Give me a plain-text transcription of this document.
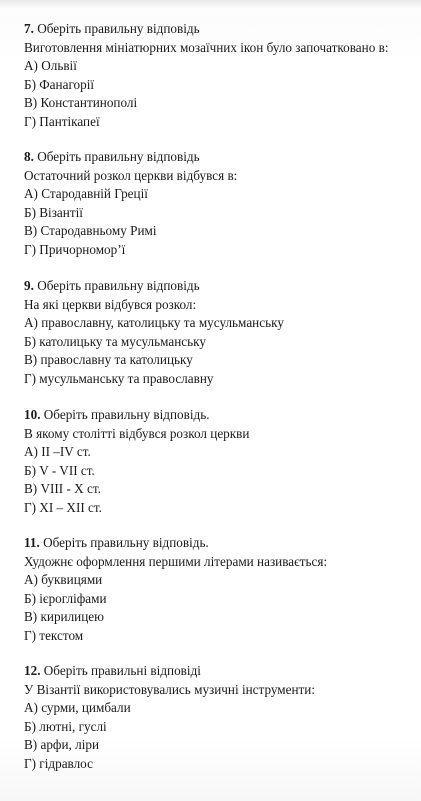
7. Оберіть правильну відповідь
Виготовлення мініатюрних мозаїчних ікон було започатковано в:
А) Ольвії
Б) Фанагорії
В) Константинополі
Г) Пантікапеї
8. Оберіть правильну відповідь
Остаточний розкол церкви відбувся в:
А) Стародавній Греції
Б) Візантії
В) Стародавньому Римі
Г) Причорномор’ї
9. Оберіть правильну відповідь
На які церкви відбувся розкол:
А) православну, католицьку та мусульманську
Б) католицьку та мусульманську
В) православну та католицьку
Г) мусульманську та православну
10. Оберіть правильну відповідь.
В якому столітті відбувся розкол церкви
А) II –IV ст.
Б) V - VII ст.
В) VIII - X ст.
Г) XI – XII ст.
11. Оберіть правильну відповідь.
Художнє оформлення першими літерами називається:
А) буквицями
Б) ієрогліфами
В) кирилицею
Г) текстом
12. Оберіть правильні відповіді
У Візантії використовувались музичні інструменти:
А) сурми, цимбали
Б) лютні, гуслі
В) арфи, ліри
Г) гідравлос
